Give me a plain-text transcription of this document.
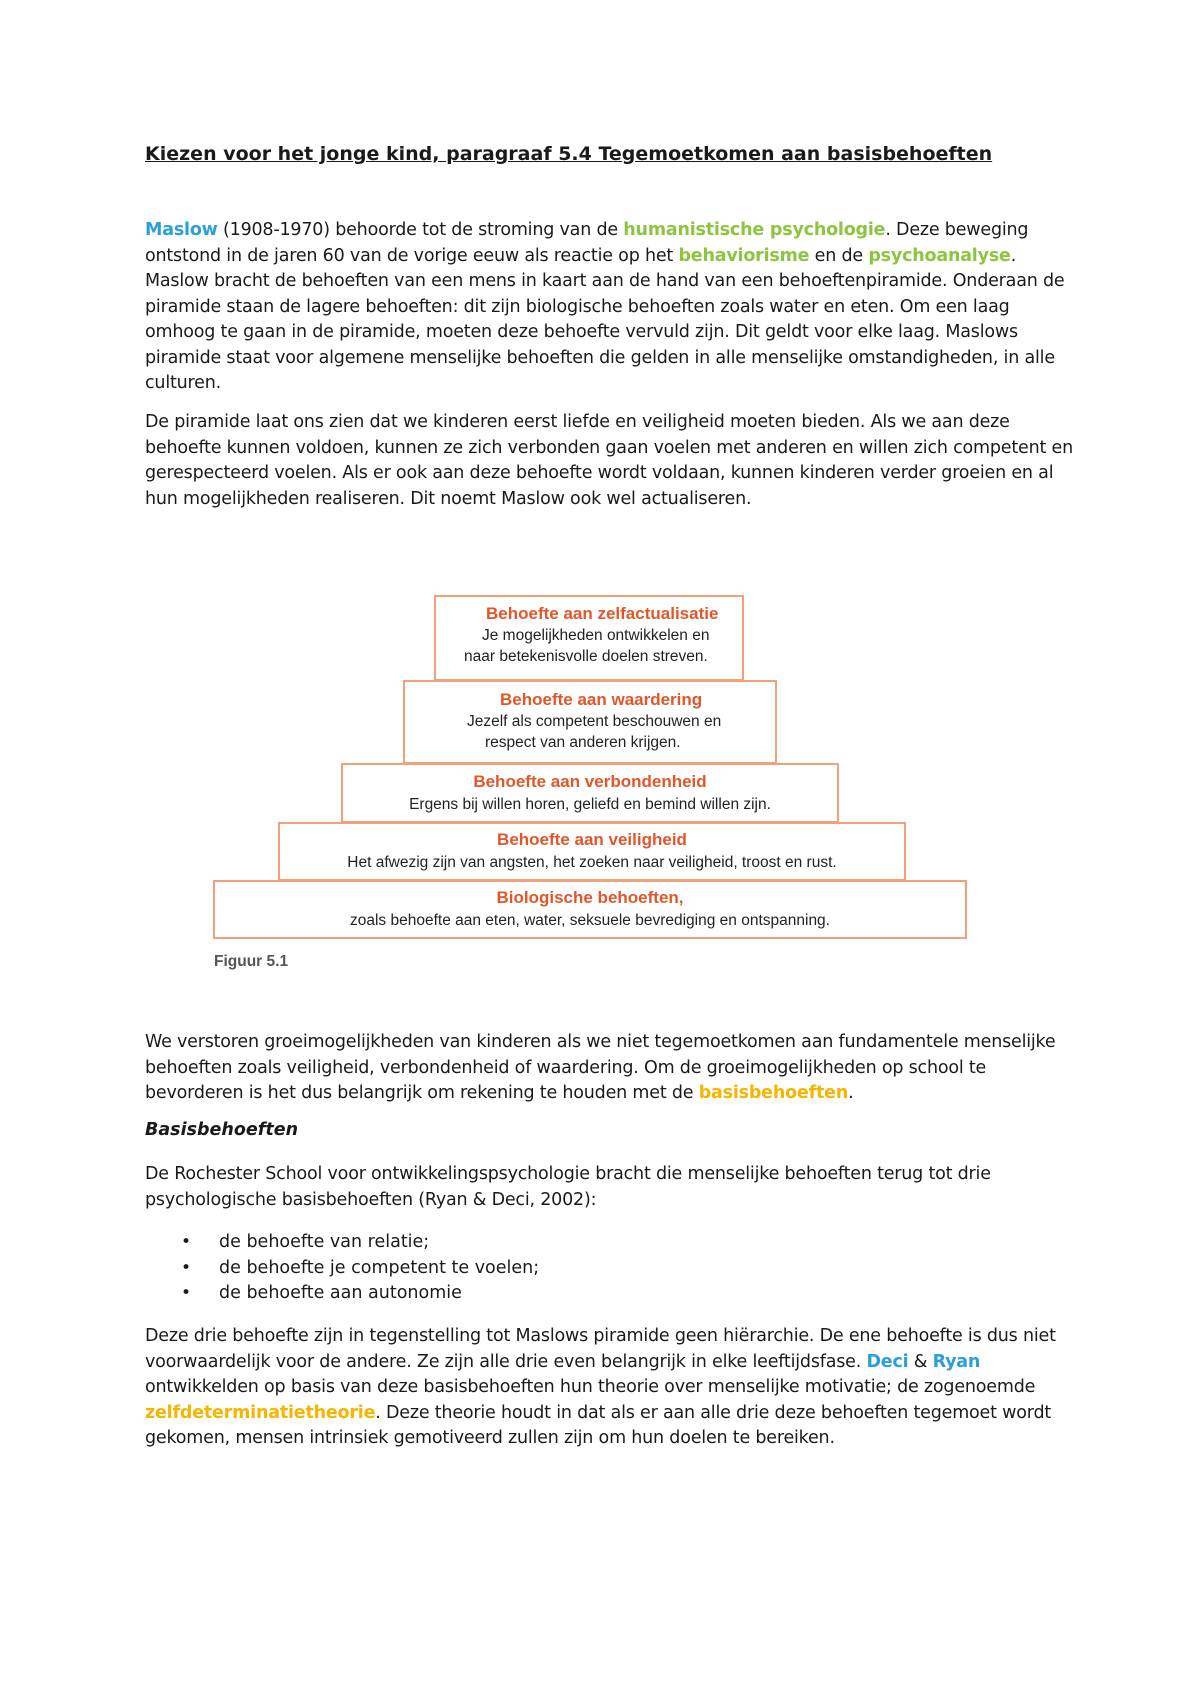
Kiezen voor het jonge kind, paragraaf 5.4 Tegemoetkomen aan basisbehoeften

Maslow (1908-1970) behoorde tot de stroming van de humanistische psychologie. Deze beweging ontstond in de jaren 60 van de vorige eeuw als reactie op het behaviorisme en de psychoanalyse. Maslow bracht de behoeften van een mens in kaart aan de hand van een behoeftenpiramide. Onderaan de piramide staan de lagere behoeften: dit zijn biologische behoeften zoals water en eten. Om een laag omhoog te gaan in de piramide, moeten deze behoefte vervuld zijn. Dit geldt voor elke laag. Maslows piramide staat voor algemene menselijke behoeften die gelden in alle menselijke omstandigheden, in alle culturen.

De piramide laat ons zien dat we kinderen eerst liefde en veiligheid moeten bieden. Als we aan deze behoefte kunnen voldoen, kunnen ze zich verbonden gaan voelen met anderen en willen zich competent en gerespecteerd voelen. Als er ook aan deze behoefte wordt voldaan, kunnen kinderen verder groeien en al hun mogelijkheden realiseren. Dit noemt Maslow ook wel actualiseren.

Behoefte aan zelfactualisatie
Je mogelijkheden ontwikkelen en
naar betekenisvolle doelen streven.
Behoefte aan waardering
Jezelf als competent beschouwen en
respect van anderen krijgen.
Behoefte aan verbondenheid
Ergens bij willen horen, geliefd en bemind willen zijn.
Behoefte aan veiligheid
Het afwezig zijn van angsten, het zoeken naar veiligheid, troost en rust.
Biologische behoeften,
zoals behoefte aan eten, water, seksuele bevrediging en ontspanning.
Figuur 5.1

We verstoren groeimogelijkheden van kinderen als we niet tegemoetkomen aan fundamentele menselijke behoeften zoals veiligheid, verbondenheid of waardering. Om de groeimogelijkheden op school te bevorderen is het dus belangrijk om rekening te houden met de basisbehoeften.

Basisbehoeften

De Rochester School voor ontwikkelingspsychologie bracht die menselijke behoeften terug tot drie psychologische basisbehoeften (Ryan & Deci, 2002):

• de behoefte van relatie;
• de behoefte je competent te voelen;
• de behoefte aan autonomie

Deze drie behoefte zijn in tegenstelling tot Maslows piramide geen hiërarchie. De ene behoefte is dus niet voorwaardelijk voor de andere. Ze zijn alle drie even belangrijk in elke leeftijdsfase. Deci & Ryan ontwikkelden op basis van deze basisbehoeften hun theorie over menselijke motivatie; de zogenoemde zelfdeterminatietheorie. Deze theorie houdt in dat als er aan alle drie deze behoeften tegemoet wordt gekomen, mensen intrinsiek gemotiveerd zullen zijn om hun doelen te bereiken.
